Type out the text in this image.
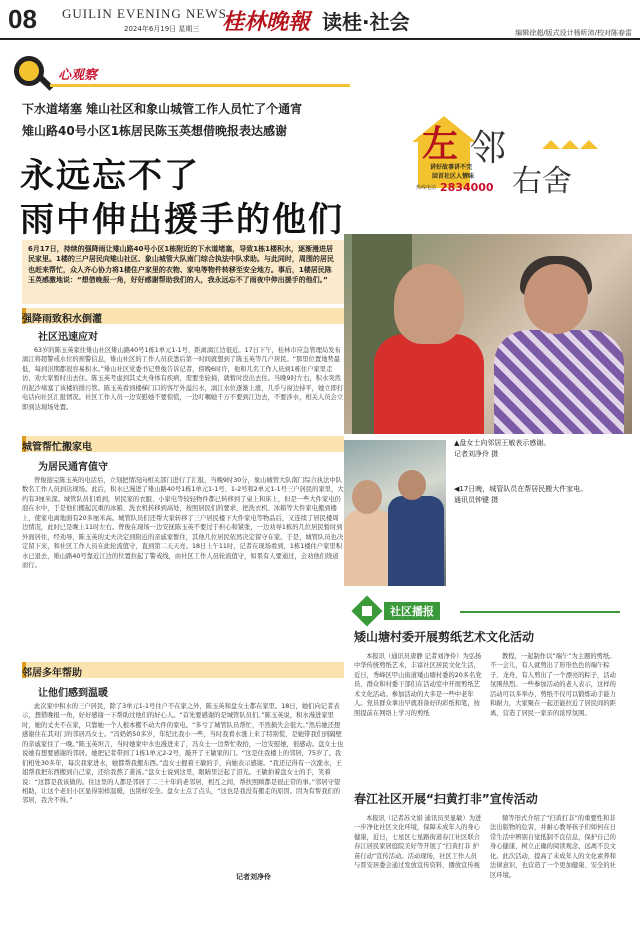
08 GUILIN EVENING NEWS
2024年6月19日 星期三 桂林晚報 读桂·社会	编辑徐超/版式设计杨昕沛/校对陈春雷
心观察
下水道堵塞 雉山社区和象山城管工作人员忙了个通宵
雉山路40号小区1栋居民陈玉英想借晚报表达感谢
永远忘不了
雨中伸出援手的他们
左 邻
右舍
讲好故事讲不完
回首社区人情味
热线电话 2834000
6月17日，持续的强降雨让雉山路40号小区1栋附近的下水道堵塞，导致1栋1楼积水，逐渐漫进居民家里。1楼的三户居民向雉山社区、象山城管大队南门综合执法中队求助。与此同时，周围的居民也赶来帮忙，众人齐心协力将1楼住户家里的衣物、家电等物件转移至安全地方。事后，1楼居民陈玉英感激地说：“想借晚报一角，好好感谢帮助我们的人，我永远忘不了雨夜中伸出援手的他们。”
强降雨致积水倒灌
社区迅速应对
63岁的陈玉英家住雉山社区雉山路40号1栋1单元1-1号，距离漓江边很近。17日下午，桂林市应急管理局发布漓江将超警戒水位的预警信息，雉山社区的工作人员获悉后第一时间就想到了陈玉英等几户居民。“那里位置地势最低，每到汛期都很容易积水。”雉山社区党委书记曾俊告诉记者，傍晚6时许，他和几名工作人员到1栋住户家里走访，劝大家暂时出去住。陈玉英考虑到其丈夫身体有疾病，需要坐轮椅，就暂时没出去住。当晚9时左右，积水突然的泥沙堵塞了该楼的排污管。陈玉英看到楼梯门口的客厅外溢污水，漓江水位逐渐上涨，几乎与窗边持平，她立即打电话向社区汇报情况。社区工作人员一边安慰她不要惊慌，一边叮嘱她千万不要到江边去，不要涉水，相关人员会立即到达现场处置。
城管帮忙搬家电
为居民通宵值守
曾俊接完陈玉英的电话后，立刻把情况向相关部门进行了汇报，当晚9时30分，象山城管大队南门综合执法中队数名工作人员到达现场。此后，积水已漫进了雉山路40号1栋1单元1-1号、1-2号和2单元1-1号三户居民的家里，大约有3厘米深。城管队员们看到，居民家的衣服、小家电等较轻物件都已转移到了桌上和床上，但是一些大件家电仍泡在水中，于是他们搬起沉重的冰箱、洗衣机转移到高处，按照居民们的要求，把洗衣机、冰箱等大件家电搬到楼上，使家电离地面有20多厘米高。城管队员们还帮大家转移了三户居民楼下大件家电等物品后，又连续了居民楼周边情况，此时已是晚上11时左右。曾俊在现场一边安抚陈玉英不要过于担心和紧张，一边劝导1栋的几位居民暂时到外面居住，经劝导，陈玉英的丈夫决定到附近的亲戚家暂住，其他几位居民依然决定留守在家。于是，城管队员也决定留下来，和社区工作人员在此轮流值守，直到第二天天亮。18日上午11时，记者在现场看到，1栋1楼住户家里积水已退去，雉山路40号靠近江边的位置拉起了警戒线，由社区工作人员轮流值守，如果有人要通过，会劝他们绕道而行。
邻居多年帮助
让他们感到温暖
此次家中积水的三户居民，除了3单元1-1号住户不在家之外，陈玉英和盘女士都在家里。18日，她们向记者表示，想借晚报一角，好好感谢一下帮助过他们的好心人。“首先要感谢的是城管队员们。”陈玉英说，积水漫进家里时，她的丈夫不在家，只靠她一个人根本搬不动大件的家电。“多亏了城管队员帮忙，不然损失会很大。”然后她还想感谢住在其对门的邻居冯女士。“冯奶奶50多岁，年纪比我小一些，当时我看水涨上来了特别慌，是她带我们到隔壁的亲戚家住了一晚。”陈玉英坦言，当时她家中水也漫进来了，冯女士一边帮忙收拾，一边安慰她，很感动。盘女士也说她有想要感谢的邻居。她把记者带到了1栋1单元2-2号，敲开了王敏家的门。“这是住我楼上的邻居，75岁了。我们相处30多年，每次我家进水，她都帮我搬东西。”盘女士握着王敏的手，向她表示感谢。“我还记得有一次涨水，王姐帮我把东西搬到自己家，还给我熬了姜汤。”盘女士说到这里，眼睛里泛起了泪光。王敏拍着盘女士的手，笑着说：“这都是我该做的。住这里的人都是邻居了二三十年的老邻居，相互之间，帮扶照顾都是很正常的事。”邻居守望相助，让这个老旧小区显得别样温暖，也别样安全。盘女士点了点头，“这也是我没有搬走的原因。因为有帮我们的邻居，我舍不得。”
记者刘净伶
▲盘女士向邻居王敏表示感谢。
记者刘净伶 摄
◀17日晚，城管队员在帮居民搬大件家电。
通讯员钟键 摄
社区播报
矮山塘村委开展剪纸艺术文化活动
本报讯（通讯员唐静 记者刘净伶）为弘扬中华传统剪纸艺术，丰富社区居民文化生活，近日，秀峰区甲山街道矮山塘村委的20多名党员、群众和村委干部们在活动室中开展剪纸艺术文化活动。参加活动的大多是一些中老年人。党员群众拿出早就准备好的彩纸和笔，按照提前在网络上学习的剪纸
教程，一起制作以“端午”为主题的剪纸。不一会儿，有人就剪出了形形色色的端午粽子、龙舟，有人剪出了一个漂亮的粽子，活动氛围热烈。一些参加活动的老人表示，这样的活动可以多举办，剪纸不仅可以锻炼动手能力和耐力，大家聚在一起还能拉近了居民间的距离，营造了居民一家亲的浓厚氛围。
春江社区开展“扫黄打非”宣传活动
本报讯（记者苏文娟 通讯员吴显敏）为进一步净化社区文化环境，保障未成年人的身心健康，近日，七星区七星路街道春江社区联合春江居民家居庭院美好等开展了“扫黄打非 护苗行动”宣传活动。活动现场，社区工作人员与晋安居委会通过发放宣传资料、播放宣传视
频等形式介绍了“扫黄打非”的重要性和非法出版物的危害，并耐心教导孩子们如何在日常生活中辨别自觉抵制不良信息，保护自己的身心健康，树立正确的阅读观念，远离不良文化。此次活动，提高了未成年人的文化素养和法律意识，也营造了一个更加健康、安全的社区环境。
